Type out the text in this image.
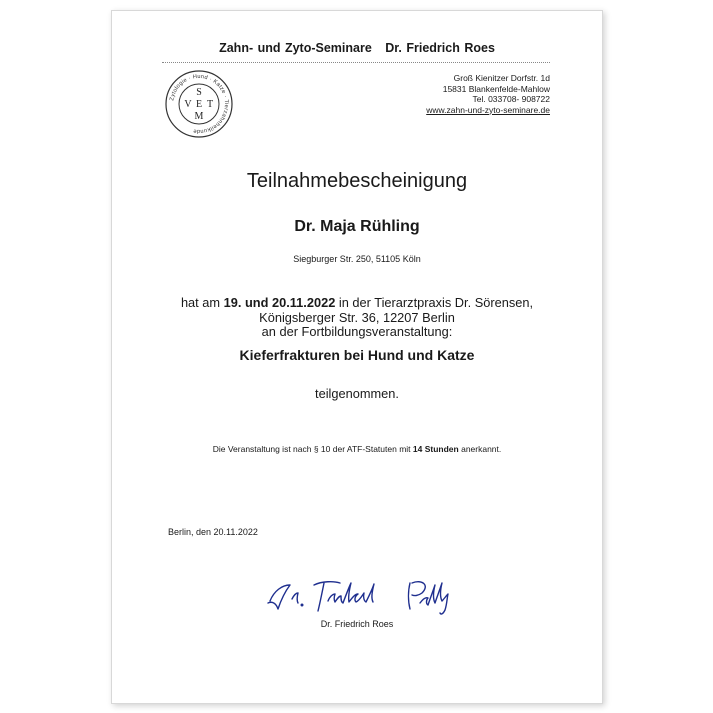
Zahn- und Zyto-Seminare Dr. Friedrich Roes
Zytologie · Hund · Katze · Tierzahnheilkunde
S
V E T
M
Groß Kienitzer Dorfstr. 1d
15831 Blankenfelde-Mahlow
Tel. 033708- 908722
www.zahn-und-zyto-seminare.de
Teilnahmebescheinigung
Dr. Maja Rühling
Siegburger Str. 250, 51105 Köln
hat am 19. und 20.11.2022 in der Tierarztpraxis Dr. Sörensen,
Königsberger Str. 36, 12207 Berlin
an der Fortbildungsveranstaltung:
Kieferfrakturen bei Hund und Katze
teilgenommen.
Die Veranstaltung ist nach § 10 der ATF-Statuten mit 14 Stunden anerkannt.
Berlin, den 20.11.2022
Dr. Friedrich Roes
